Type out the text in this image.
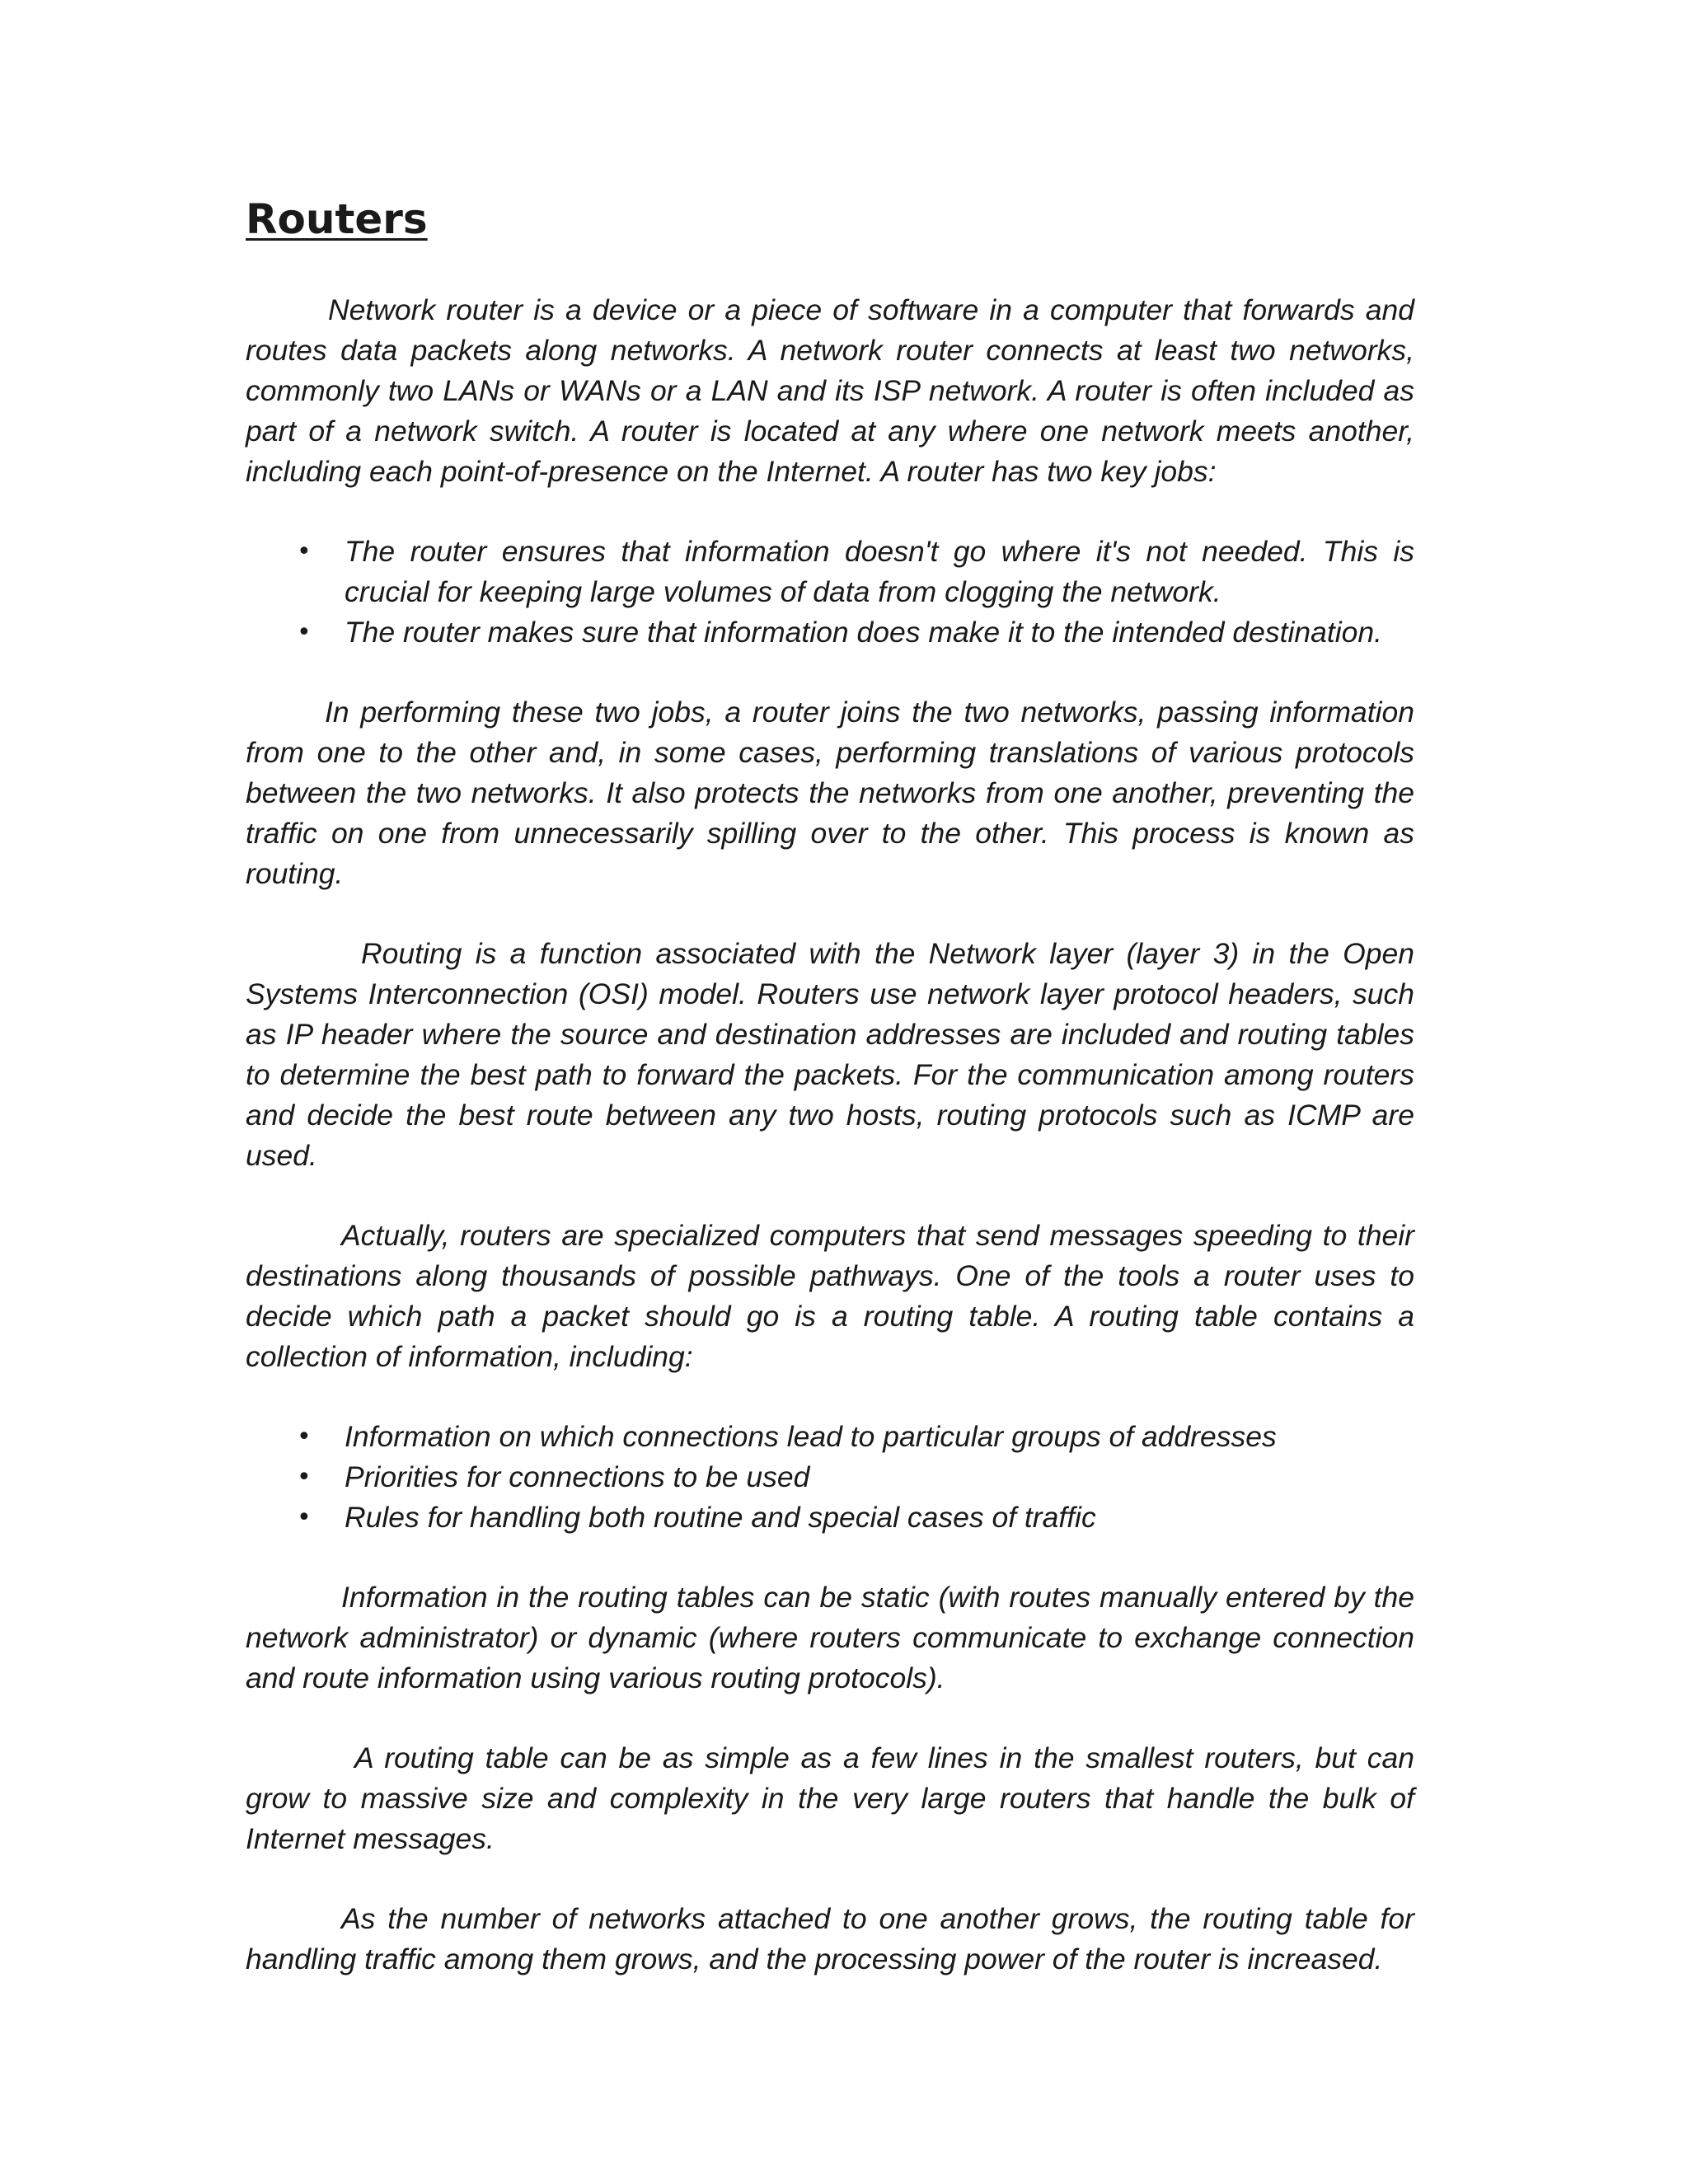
Routers

Network router is a device or a piece of software in a computer that forwards and routes data packets along networks. A network router connects at least two networks, commonly two LANs or WANs or a LAN and its ISP network. A router is often included as part of a network switch. A router is located at any where one network meets another, including each point-of-presence on the Internet. A router has two key jobs:

• The router ensures that information doesn't go where it's not needed. This is crucial for keeping large volumes of data from clogging the network.
• The router makes sure that information does make it to the intended destination.

In performing these two jobs, a router joins the two networks, passing information from one to the other and, in some cases, performing translations of various protocols between the two networks. It also protects the networks from one another, preventing the traffic on one from unnecessarily spilling over to the other. This process is known as routing.

Routing is a function associated with the Network layer (layer 3) in the Open Systems Interconnection (OSI) model. Routers use network layer protocol headers, such as IP header where the source and destination addresses are included and routing tables to determine the best path to forward the packets. For the communication among routers and decide the best route between any two hosts, routing protocols such as ICMP are used.

Actually, routers are specialized computers that send messages speeding to their destinations along thousands of possible pathways. One of the tools a router uses to decide which path a packet should go is a routing table. A routing table contains a collection of information, including:

• Information on which connections lead to particular groups of addresses
• Priorities for connections to be used
• Rules for handling both routine and special cases of traffic

Information in the routing tables can be static (with routes manually entered by the network administrator) or dynamic (where routers communicate to exchange connection and route information using various routing protocols).

A routing table can be as simple as a few lines in the smallest routers, but can grow to massive size and complexity in the very large routers that handle the bulk of Internet messages.

As the number of networks attached to one another grows, the routing table for handling traffic among them grows, and the processing power of the router is increased.
